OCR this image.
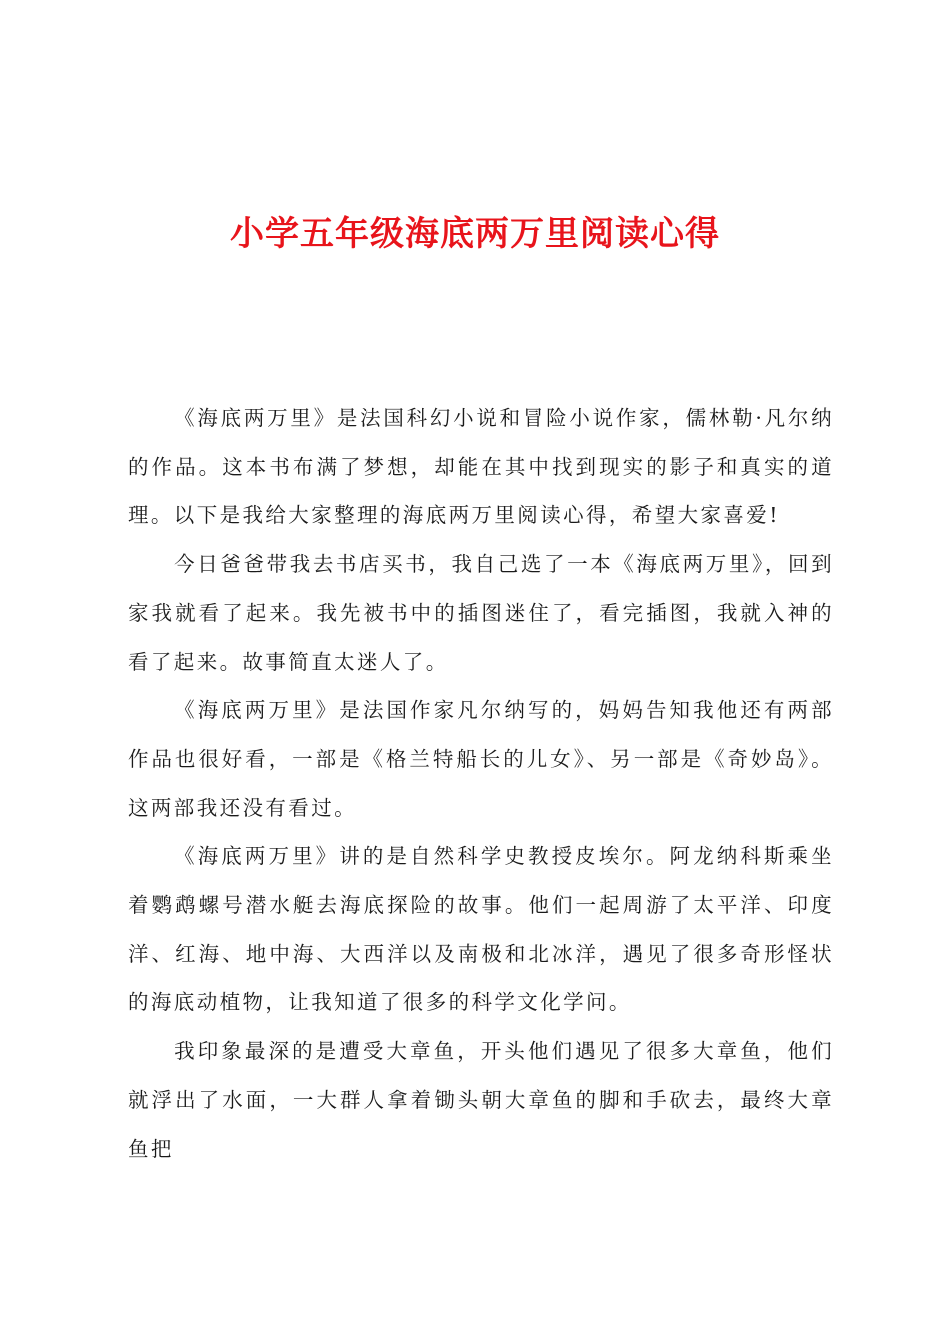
小学五年级海底两万里阅读心得

《海底两万里》是法国科幻小说和冒险小说作家，儒林勒·凡尔纳的作品。这本书布满了梦想，却能在其中找到现实的影子和真实的道理。以下是我给大家整理的海底两万里阅读心得，希望大家喜爱!

今日爸爸带我去书店买书，我自己选了一本《海底两万里》，回到家我就看了起来。我先被书中的插图迷住了，看完插图，我就入神的看了起来。故事简直太迷人了。

《海底两万里》是法国作家凡尔纳写的，妈妈告知我他还有两部作品也很好看，一部是《格兰特船长的儿女》、另一部是《奇妙岛》。这两部我还没有看过。

《海底两万里》讲的是自然科学史教授皮埃尔。阿龙纳科斯乘坐着鹦鹉螺号潜水艇去海底探险的故事。他们一起周游了太平洋、印度洋、红海、地中海、大西洋以及南极和北冰洋，遇见了很多奇形怪状的海底动植物，让我知道了很多的科学文化学问。

我印象最深的是遭受大章鱼，开头他们遇见了很多大章鱼，他们就浮出了水面，一大群人拿着锄头朝大章鱼的脚和手砍去，最终大章鱼把
